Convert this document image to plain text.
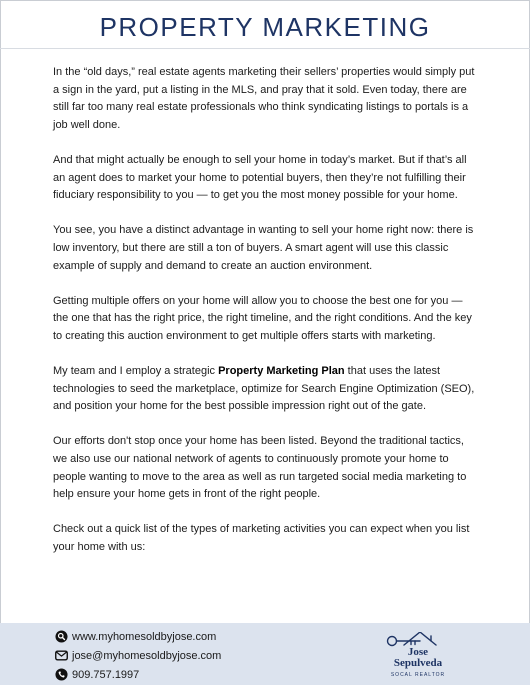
PROPERTY MARKETING

In the “old days,” real estate agents marketing their sellers’ properties would simply put a sign in the yard, put a listing in the MLS, and pray that it sold. Even today, there are still far too many real estate professionals who think syndicating listings to portals is a job well done.

And that might actually be enough to sell your home in today’s market. But if that’s all an agent does to market your home to potential buyers, then they’re not fulfilling their fiduciary responsibility to you — to get you the most money possible for your home.

You see, you have a distinct advantage in wanting to sell your home right now: there is low inventory, but there are still a ton of buyers. A smart agent will use this classic example of supply and demand to create an auction environment.

Getting multiple offers on your home will allow you to choose the best one for you — the one that has the right price, the right timeline, and the right conditions. And the key to creating this auction environment to get multiple offers starts with marketing.

My team and I employ a strategic Property Marketing Plan that uses the latest technologies to seed the marketplace, optimize for Search Engine Optimization (SEO), and position your home for the best possible impression right out of the gate.

Our efforts don't stop once your home has been listed. Beyond the traditional tactics, we also use our national network of agents to continuously promote your home to people wanting to move to the area as well as run targeted social media marketing to help ensure your home gets in front of the right people.

Check out a quick list of the types of marketing activities you can expect when you list your home with us:

www.myhomesoldbyjose.com
jose@myhomesoldbyjose.com
909.757.1997
Jose
Sepulveda
SOCAL REALTOR
